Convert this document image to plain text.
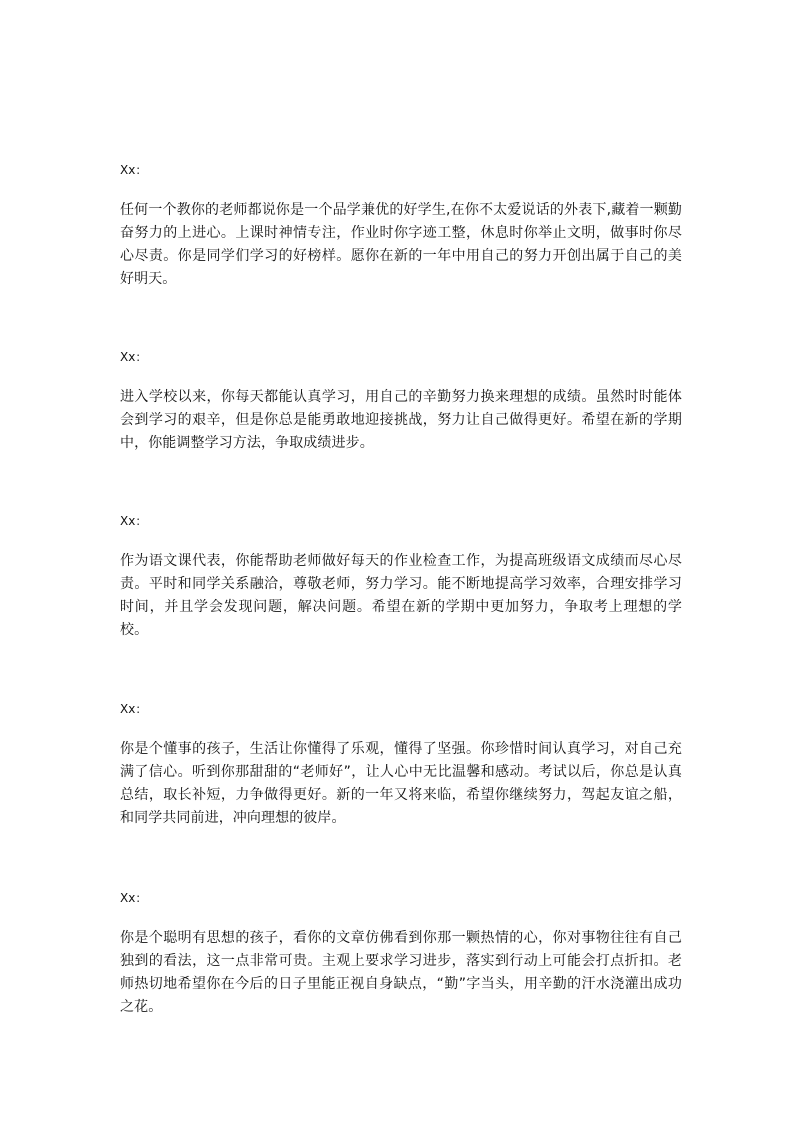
Xx：
任何一个教你的老师都说你是一个品学兼优的好学生,在你不太爱说话的外表下,藏着一颗勤奋努力的上进心。上课时神情专注，作业时你字迹工整，休息时你举止文明，做事时你尽心尽责。你是同学们学习的好榜样。愿你在新的一年中用自己的努力开创出属于自己的美好明天。
Xx：
进入学校以来，你每天都能认真学习，用自己的辛勤努力换来理想的成绩。虽然时时能体会到学习的艰辛，但是你总是能勇敢地迎接挑战，努力让自己做得更好。希望在新的学期中，你能调整学习方法，争取成绩进步。
Xx：
作为语文课代表，你能帮助老师做好每天的作业检查工作，为提高班级语文成绩而尽心尽责。平时和同学关系融洽，尊敬老师，努力学习。能不断地提高学习效率，合理安排学习时间，并且学会发现问题，解决问题。希望在新的学期中更加努力，争取考上理想的学校。
Xx：
你是个懂事的孩子，生活让你懂得了乐观，懂得了坚强。你珍惜时间认真学习，对自己充满了信心。听到你那甜甜的“老师好”，让人心中无比温馨和感动。考试以后，你总是认真总结，取长补短，力争做得更好。新的一年又将来临，希望你继续努力，驾起友谊之船，和同学共同前进，冲向理想的彼岸。
Xx：
你是个聪明有思想的孩子，看你的文章仿佛看到你那一颗热情的心，你对事物往往有自己独到的看法，这一点非常可贵。主观上要求学习进步，落实到行动上可能会打点折扣。老师热切地希望你在今后的日子里能正视自身缺点，“勤”字当头，用辛勤的汗水浇灌出成功之花。
